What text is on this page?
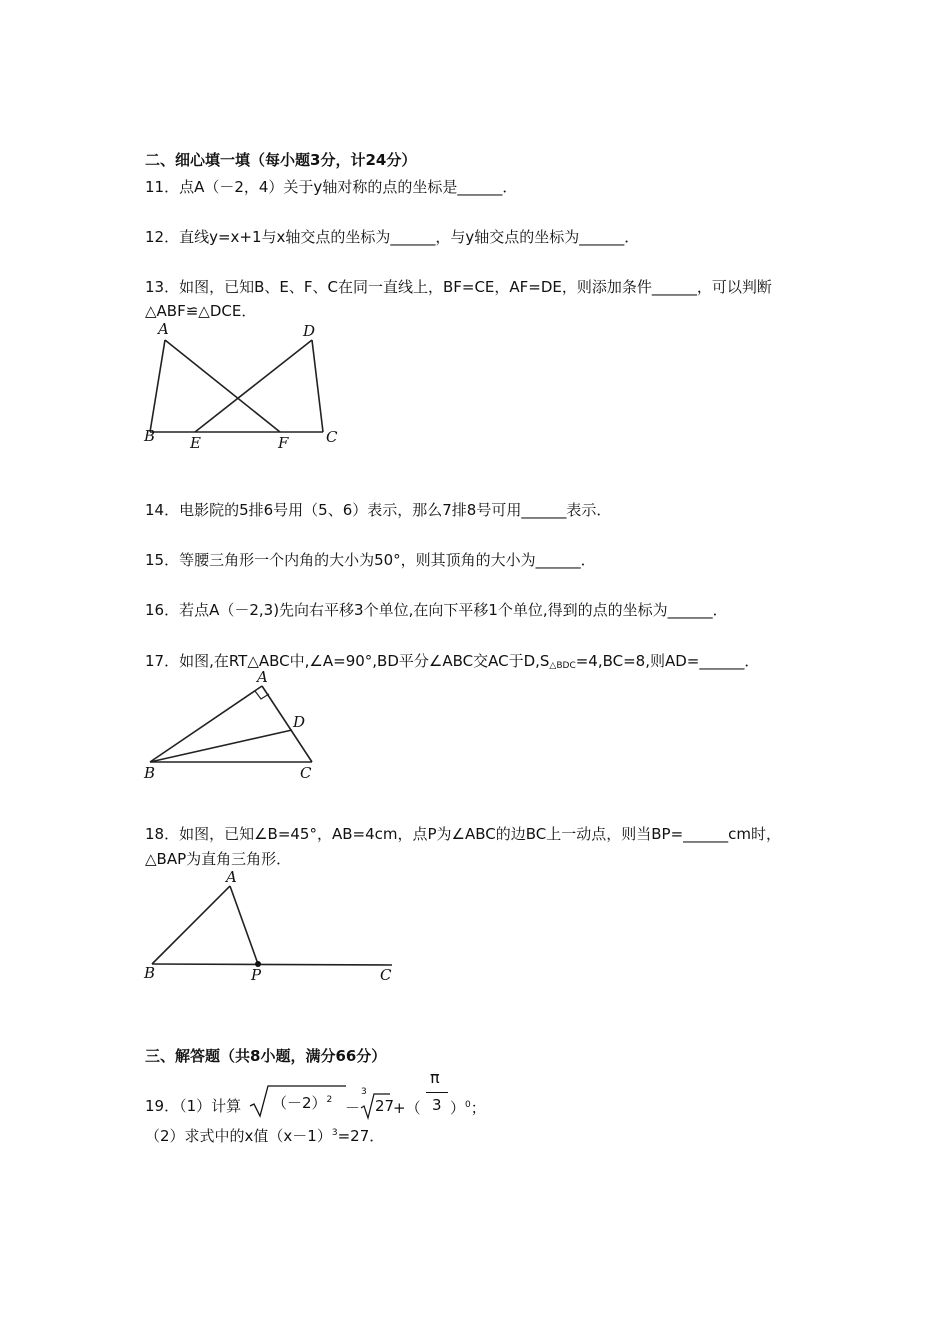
二、细心填一填（每小题3分，计24分）
11．点A（－2，4）关于y轴对称的点的坐标是______．
12．直线y=x+1与x轴交点的坐标为______，与y轴交点的坐标为______．
13．如图，已知B、E、F、C在同一直线上，BF=CE，AF=DE，则添加条件______，可以判断
△ABF≌△DCE．
A	D
B E	F	C
14．电影院的5排6号用（5、6）表示，那么7排8号可用______表示．
15．等腰三角形一个内角的大小为50°，则其顶角的大小为______．
16．若点A（－2,3)先向右平移3个单位,在向下平移1个单位,得到的点的坐标为______．
17．如图,在RT△ABC中,∠A=90°,BD平分∠ABC交AC于D,S△BDC=4,BC=8,则AD=______．
A
D
B	C
18．如图，已知∠B=45°，AB=4cm，点P为∠ABC的边BC上一动点，则当BP=______cm时，
△BAP为直角三角形．
A
B	P	C
三、解答题（共8小题，满分66分）
19．（1）计算 $(-2)^2$ －
3
27
+（
π
3 ）$^0$；
（2）求式中的x值$(x-1)^3=27$．
